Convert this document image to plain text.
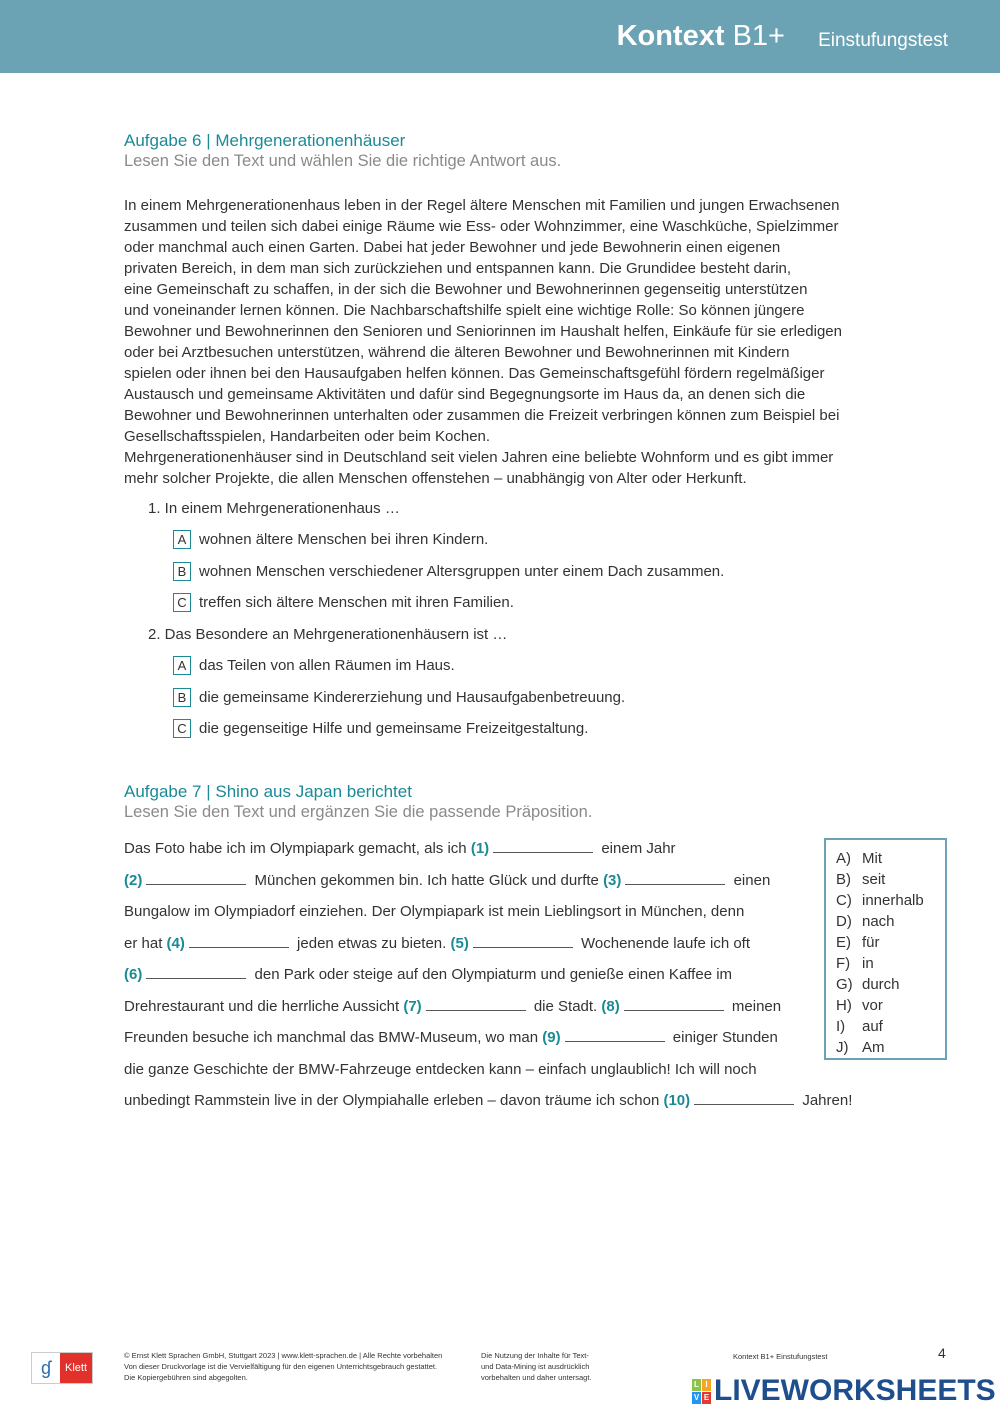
Kontext B1+ Einstufungstest
Aufgabe 6 | Mehrgenerationenhäuser
Lesen Sie den Text und wählen Sie die richtige Antwort aus.
In einem Mehrgenerationenhaus leben in der Regel ältere Menschen mit Familien und jungen Erwachsenen
zusammen und teilen sich dabei einige Räume wie Ess- oder Wohnzimmer, eine Waschküche, Spielzimmer
oder manchmal auch einen Garten. Dabei hat jeder Bewohner und jede Bewohnerin einen eigenen
privaten Bereich, in dem man sich zurückziehen und entspannen kann. Die Grundidee besteht darin,
eine Gemeinschaft zu schaffen, in der sich die Bewohner und Bewohnerinnen gegenseitig unterstützen
und voneinander lernen können. Die Nachbarschaftshilfe spielt eine wichtige Rolle: So können jüngere
Bewohner und Bewohnerinnen den Senioren und Seniorinnen im Haushalt helfen, Einkäufe für sie erledigen
oder bei Arztbesuchen unterstützen, während die älteren Bewohner und Bewohnerinnen mit Kindern
spielen oder ihnen bei den Hausaufgaben helfen können. Das Gemeinschaftsgefühl fördern regelmäßiger
Austausch und gemeinsame Aktivitäten und dafür sind Begegnungsorte im Haus da, an denen sich die
Bewohner und Bewohnerinnen unterhalten oder zusammen die Freizeit verbringen können zum Beispiel bei
Gesellschaftsspielen, Handarbeiten oder beim Kochen.
Mehrgenerationenhäuser sind in Deutschland seit vielen Jahren eine beliebte Wohnform und es gibt immer
mehr solcher Projekte, die allen Menschen offenstehen – unabhängig von Alter oder Herkunft.
1. In einem Mehrgenerationenhaus …
A wohnen ältere Menschen bei ihren Kindern.
B wohnen Menschen verschiedener Altersgruppen unter einem Dach zusammen.
C treffen sich ältere Menschen mit ihren Familien.
2. Das Besondere an Mehrgenerationenhäusern ist …
A das Teilen von allen Räumen im Haus.
B die gemeinsame Kindererziehung und Hausaufgabenbetreuung.
C die gegenseitige Hilfe und gemeinsame Freizeitgestaltung.
Aufgabe 7 | Shino aus Japan berichtet
Lesen Sie den Text und ergänzen Sie die passende Präposition.
Das Foto habe ich im Olympiapark gemacht, als ich (1)	einem Jahr
(2)	München gekommen bin. Ich hatte Glück und durfte (3)	einen
Bungalow im Olympiadorf einziehen. Der Olympiapark ist mein Lieblingsort in München, denn
er hat (4)	jeden etwas zu bieten. (5)	Wochenende laufe ich oft
(6)	den Park oder steige auf den Olympiaturm und genieße einen Kaffee im
Drehrestaurant und die herrliche Aussicht (7)	die Stadt. (8)	meinen
Freunden besuche ich manchmal das BMW-Museum, wo man (9)	einiger Stunden
die ganze Geschichte der BMW-Fahrzeuge entdecken kann – einfach unglaublich! Ich will noch
unbedingt Rammstein live in der Olympiahalle erleben – davon träume ich schon (10)	Jahren!
A) Mit
B) seit
C) innerhalb
D) nach
E) für
F) in
G) durch
H) vor
I) auf
J) Am
ɠ	Klett
© Ernst Klett Sprachen GmbH, Stuttgart 2023 | www.klett-sprachen.de | Alle Rechte vorbehalten
Von dieser Druckvorlage ist die Vervielfältigung für den eigenen Unterrichtsgebrauch gestattet.
Die Kopiergebühren sind abgegolten.
Die Nutzung der Inhalte für Text-
und Data-Mining ist ausdrücklich
vorbehalten und daher untersagt.
Kontext B1+ Einstufungstest	4
L I
V E LIVEWORKSHEETS
